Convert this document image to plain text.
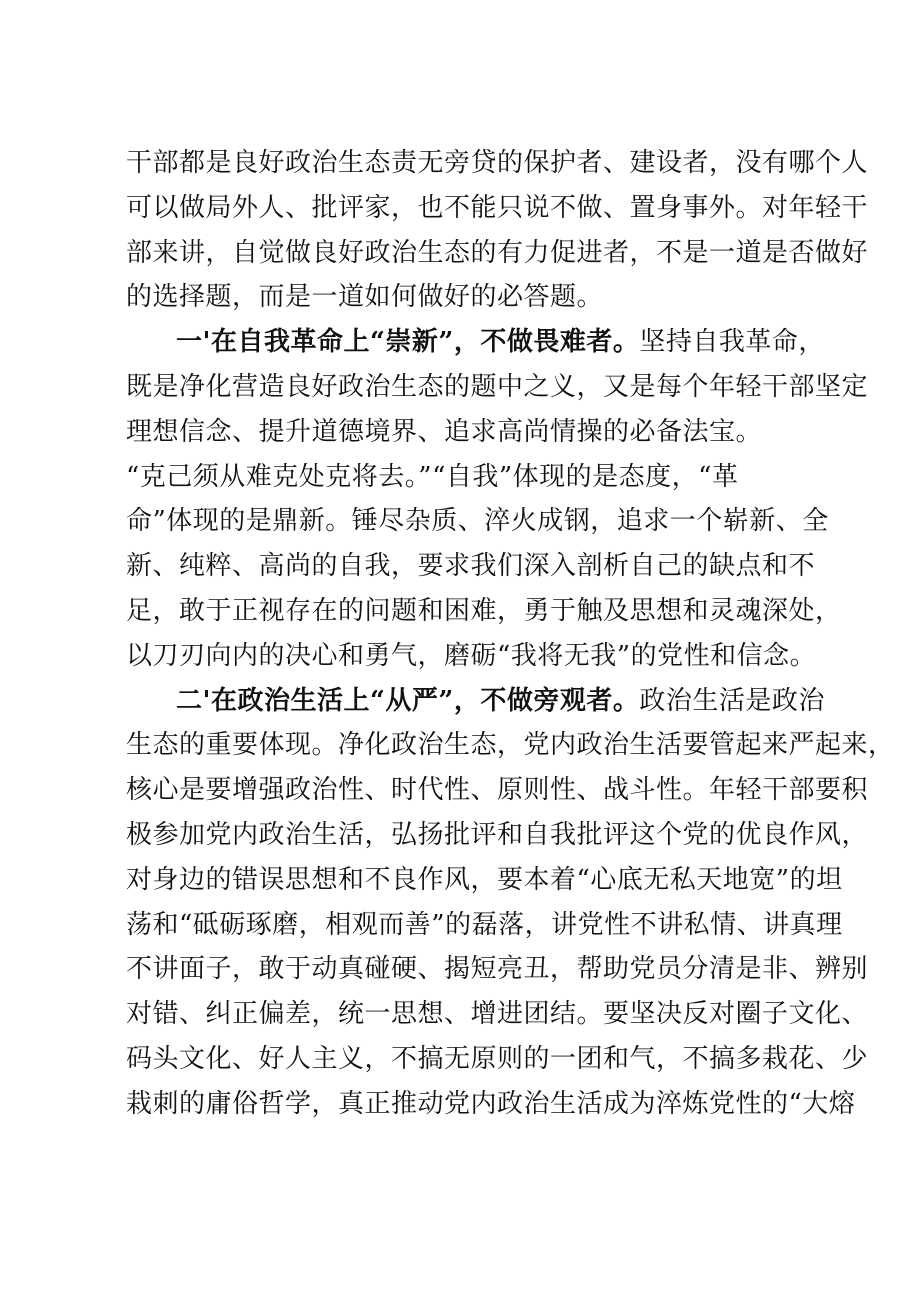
干部都是良好政治生态责无旁贷的保护者、建设者，没有哪个人
可以做局外人、批评家，也不能只说不做、置身事外。对年轻干
部来讲，自觉做良好政治生态的有力促进者，不是一道是否做好
的选择题，而是一道如何做好的必答题。

一'在自我革命上“崇新”，不做畏难者。坚持自我革命，
既是净化营造良好政治生态的题中之义，又是每个年轻干部坚定
理想信念、提升道德境界、追求高尚情操的必备法宝。
“克己须从难克处克将去。”“自我”体现的是态度，“革
命”体现的是鼎新。锤尽杂质、淬火成钢，追求一个崭新、全
新、纯粹、高尚的自我，要求我们深入剖析自己的缺点和不
足，敢于正视存在的问题和困难，勇于触及思想和灵魂深处，
以刀刃向内的决心和勇气，磨砺“我将无我”的党性和信念。

二'在政治生活上“从严”，不做旁观者。政治生活是政治
生态的重要体现。净化政治生态，党内政治生活要管起来严起来，
核心是要增强政治性、时代性、原则性、战斗性。年轻干部要积
极参加党内政治生活，弘扬批评和自我批评这个党的优良作风，
对身边的错误思想和不良作风，要本着“心底无私天地宽”的坦
荡和“砥砺琢磨，相观而善”的磊落，讲党性不讲私情、讲真理
不讲面子，敢于动真碰硬、揭短亮丑，帮助党员分清是非、辨别
对错、纠正偏差，统一思想、增进团结。要坚决反对圈子文化、
码头文化、好人主义，不搞无原则的一团和气，不搞多栽花、少
栽刺的庸俗哲学，真正推动党内政治生活成为淬炼党性的“大熔
